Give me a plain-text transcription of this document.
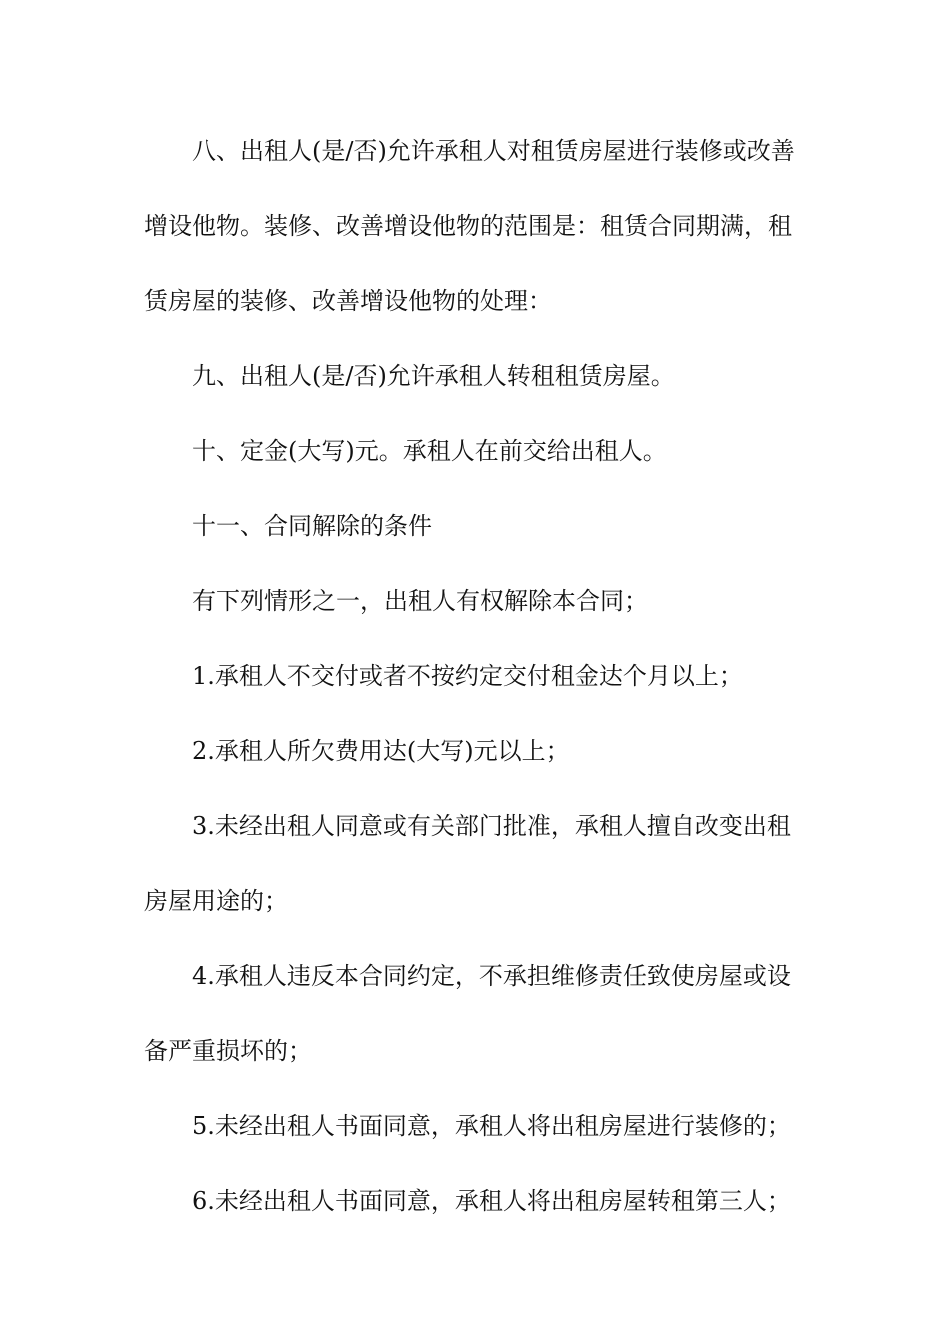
八、出租人(是/否)允许承租人对租赁房屋进行装修或改善
增设他物。装修、改善增设他物的范围是：租赁合同期满，租
赁房屋的装修、改善增设他物的处理：
九、出租人(是/否)允许承租人转租租赁房屋。
十、定金(大写)元。承租人在前交给出租人。
十一、合同解除的条件
有下列情形之一，出租人有权解除本合同；
1.承租人不交付或者不按约定交付租金达个月以上；
2.承租人所欠费用达(大写)元以上；
3.未经出租人同意或有关部门批准，承租人擅自改变出租
房屋用途的；
4.承租人违反本合同约定，不承担维修责任致使房屋或设
备严重损坏的；
5.未经出租人书面同意，承租人将出租房屋进行装修的；
6.未经出租人书面同意，承租人将出租房屋转租第三人；
